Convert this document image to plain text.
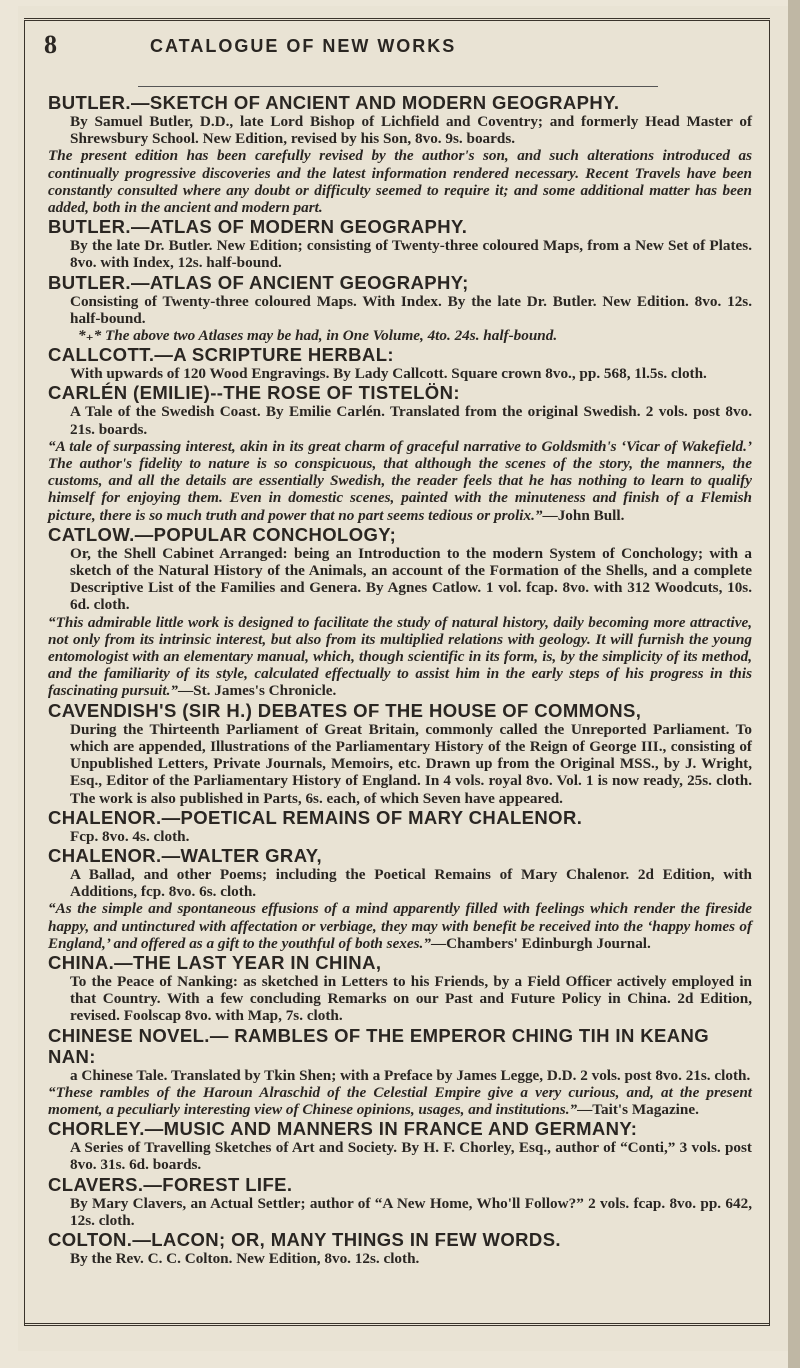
8	CATALOGUE OF NEW WORKS

BUTLER.—SKETCH OF ANCIENT AND MODERN GEOGRAPHY.

By Samuel Butler, D.D., late Lord Bishop of Lichfield and Coventry; and formerly Head Master of Shrewsbury School. New Edition, revised by his Son, 8vo. 9s. boards.

The present edition has been carefully revised by the author's son, and such alterations introduced as continually progressive discoveries and the latest information rendered necessary. Recent Travels have been constantly consulted where any doubt or difficulty seemed to require it; and some additional matter has been added, both in the ancient and modern part.

BUTLER.—ATLAS OF MODERN GEOGRAPHY.

By the late Dr. Butler. New Edition; consisting of Twenty-three coloured Maps, from a New Set of Plates. 8vo. with Index, 12s. half-bound.

BUTLER.—ATLAS OF ANCIENT GEOGRAPHY;

Consisting of Twenty-three coloured Maps. With Index. By the late Dr. Butler. New Edition. 8vo. 12s. half-bound.

*₊* The above two Atlases may be had, in One Volume, 4to. 24s. half-bound.

CALLCOTT.—A SCRIPTURE HERBAL:

With upwards of 120 Wood Engravings. By Lady Callcott. Square crown 8vo., pp. 568, 1l.5s. cloth.

CARLÉN (EMILIE)--THE ROSE OF TISTELÖN:

A Tale of the Swedish Coast. By Emilie Carlén. Translated from the original Swedish. 2 vols. post 8vo. 21s. boards.

“A tale of surpassing interest, akin in its great charm of graceful narrative to Goldsmith's ‘Vicar of Wakefield.’ The author's fidelity to nature is so conspicuous, that although the scenes of the story, the manners, the customs, and all the details are essentially Swedish, the reader feels that he has nothing to learn to qualify himself for enjoying them. Even in domestic scenes, painted with the minuteness and finish of a Flemish picture, there is so much truth and power that no part seems tedious or prolix.”—John Bull.

CATLOW.—POPULAR CONCHOLOGY;

Or, the Shell Cabinet Arranged: being an Introduction to the modern System of Conchology; with a sketch of the Natural History of the Animals, an account of the Formation of the Shells, and a complete Descriptive List of the Families and Genera. By Agnes Catlow. 1 vol. fcap. 8vo. with 312 Woodcuts, 10s. 6d. cloth.

“This admirable little work is designed to facilitate the study of natural history, daily becoming more attractive, not only from its intrinsic interest, but also from its multiplied relations with geology. It will furnish the young entomologist with an elementary manual, which, though scientific in its form, is, by the simplicity of its method, and the familiarity of its style, calculated effectually to assist him in the early steps of his progress in this fascinating pursuit.”—St. James's Chronicle.

CAVENDISH'S (SIR H.) DEBATES OF THE HOUSE OF COMMONS,

During the Thirteenth Parliament of Great Britain, commonly called the Unreported Parliament. To which are appended, Illustrations of the Parliamentary History of the Reign of George III., consisting of Unpublished Letters, Private Journals, Memoirs, etc. Drawn up from the Original MSS., by J. Wright, Esq., Editor of the Parliamentary History of England. In 4 vols. royal 8vo. Vol. 1 is now ready, 25s. cloth. The work is also published in Parts, 6s. each, of which Seven have appeared.

CHALENOR.—POETICAL REMAINS OF MARY CHALENOR.

Fcp. 8vo. 4s. cloth.

CHALENOR.—WALTER GRAY,

A Ballad, and other Poems; including the Poetical Remains of Mary Chalenor. 2d Edition, with Additions, fcp. 8vo. 6s. cloth.

“As the simple and spontaneous effusions of a mind apparently filled with feelings which render the fireside happy, and untinctured with affectation or verbiage, they may with benefit be received into the ‘happy homes of England,’ and offered as a gift to the youthful of both sexes.”—Chambers' Edinburgh Journal.

CHINA.—THE LAST YEAR IN CHINA,

To the Peace of Nanking: as sketched in Letters to his Friends, by a Field Officer actively employed in that Country. With a few concluding Remarks on our Past and Future Policy in China. 2d Edition, revised. Foolscap 8vo. with Map, 7s. cloth.

CHINESE NOVEL.— RAMBLES OF THE EMPEROR CHING TIH IN KEANG NAN:

a Chinese Tale. Translated by Tkin Shen; with a Preface by James Legge, D.D. 2 vols. post 8vo. 21s. cloth.

“These rambles of the Haroun Alraschid of the Celestial Empire give a very curious, and, at the present moment, a peculiarly interesting view of Chinese opinions, usages, and institutions.”—Tait's Magazine.

CHORLEY.—MUSIC AND MANNERS IN FRANCE AND GERMANY:

A Series of Travelling Sketches of Art and Society. By H. F. Chorley, Esq., author of “Conti,” 3 vols. post 8vo. 31s. 6d. boards.

CLAVERS.—FOREST LIFE.

By Mary Clavers, an Actual Settler; author of “A New Home, Who'll Follow?” 2 vols. fcap. 8vo. pp. 642, 12s. cloth.

COLTON.—LACON; OR, MANY THINGS IN FEW WORDS.

By the Rev. C. C. Colton. New Edition, 8vo. 12s. cloth.
